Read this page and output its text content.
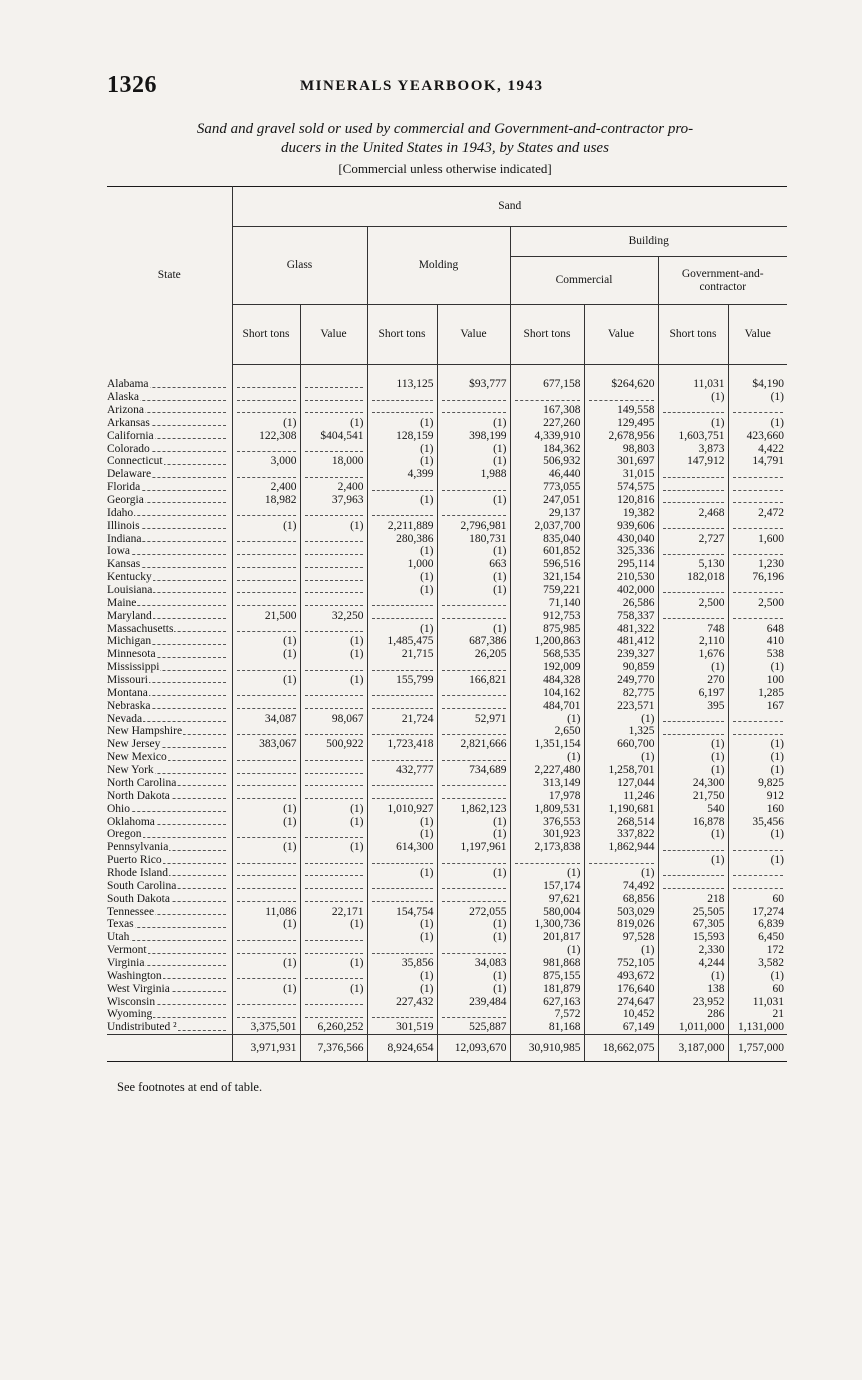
1326	MINERALS YEARBOOK, 1943
Sand and gravel sold or used by commercial and Government-and-contractor pro-
ducers in the United States in 1943, by States and uses
[Commercial unless otherwise indicated]
State	Sand							
	Glass		Molding		Building			
					Commercial		Government-and-contractor	
	Short tons	Value	Short tons	Value	Short tons	Value	Short tons	Value

Alabama			113,125	$93,777	677,158	$264,620	11,031	$4,190
Alaska							(1)	(1)
Arizona					167,308	149,558		
Arkansas	(1)	(1)	(1)	(1)	227,260	129,495	(1)	(1)
California	122,308	$404,541	128,159	398,199	4,339,910	2,678,956	1,603,751	423,660
Colorado			(1)	(1)	184,362	98,803	3,873	4,422
Connecticut	3,000	18,000	(1)	(1)	506,932	301,697	147,912	14,791
Delaware			4,399	1,988	46,440	31,015		
Florida	2,400	2,400			773,055	574,575		
Georgia	18,982	37,963	(1)	(1)	247,051	120,816		
Idaho					29,137	19,382	2,468	2,472
Illinois	(1)	(1)	2,211,889	2,796,981	2,037,700	939,606		
Indiana			280,386	180,731	835,040	430,040	2,727	1,600
Iowa			(1)	(1)	601,852	325,336		
Kansas			1,000	663	596,516	295,114	5,130	1,230
Kentucky			(1)	(1)	321,154	210,530	182,018	76,196
Louisiana			(1)	(1)	759,221	402,000		
Maine					71,140	26,586	2,500	2,500
Maryland	21,500	32,250			912,753	758,337		
Massachusetts			(1)	(1)	875,985	481,322	748	648
Michigan	(1)	(1)	1,485,475	687,386	1,200,863	481,412	2,110	410
Minnesota	(1)	(1)	21,715	26,205	568,535	239,327	1,676	538
Mississippi					192,009	90,859	(1)	(1)
Missouri	(1)	(1)	155,799	166,821	484,328	249,770	270	100
Montana					104,162	82,775	6,197	1,285
Nebraska					484,701	223,571	395	167
Nevada	34,087	98,067	21,724	52,971	(1)	(1)		
New Hampshire					2,650	1,325		
New Jersey	383,067	500,922	1,723,418	2,821,666	1,351,154	660,700	(1)	(1)
New Mexico					(1)	(1)	(1)	(1)
New York			432,777	734,689	2,227,480	1,258,701	(1)	(1)
North Carolina					313,149	127,044	24,300	9,825
North Dakota					17,978	11,246	21,750	912
Ohio	(1)	(1)	1,010,927	1,862,123	1,809,531	1,190,681	540	160
Oklahoma	(1)	(1)	(1)	(1)	376,553	268,514	16,878	35,456
Oregon			(1)	(1)	301,923	337,822	(1)	(1)
Pennsylvania	(1)	(1)	614,300	1,197,961	2,173,838	1,862,944		
Puerto Rico							(1)	(1)
Rhode Island			(1)	(1)	(1)	(1)		
South Carolina					157,174	74,492		
South Dakota					97,621	68,856	218	60
Tennessee	11,086	22,171	154,754	272,055	580,004	503,029	25,505	17,274
Texas	(1)	(1)	(1)	(1)	1,300,736	819,026	67,305	6,839
Utah			(1)	(1)	201,817	97,528	15,593	6,450
Vermont					(1)	(1)	2,330	172
Virginia	(1)	(1)	35,856	34,083	981,868	752,105	4,244	3,582
Washington			(1)	(1)	875,155	493,672	(1)	(1)
West Virginia	(1)	(1)	(1)	(1)	181,879	176,640	138	60
Wisconsin			227,432	239,484	627,163	274,647	23,952	11,031
Wyoming					7,572	10,452	286	21
Undistributed ²	3,375,501	6,260,252	301,519	525,887	81,168	67,149	1,011,000	1,131,000
	3,971,931	7,376,566	8,924,654	12,093,670	30,910,985	18,662,075	3,187,000	1,757,000
See footnotes at end of table.
